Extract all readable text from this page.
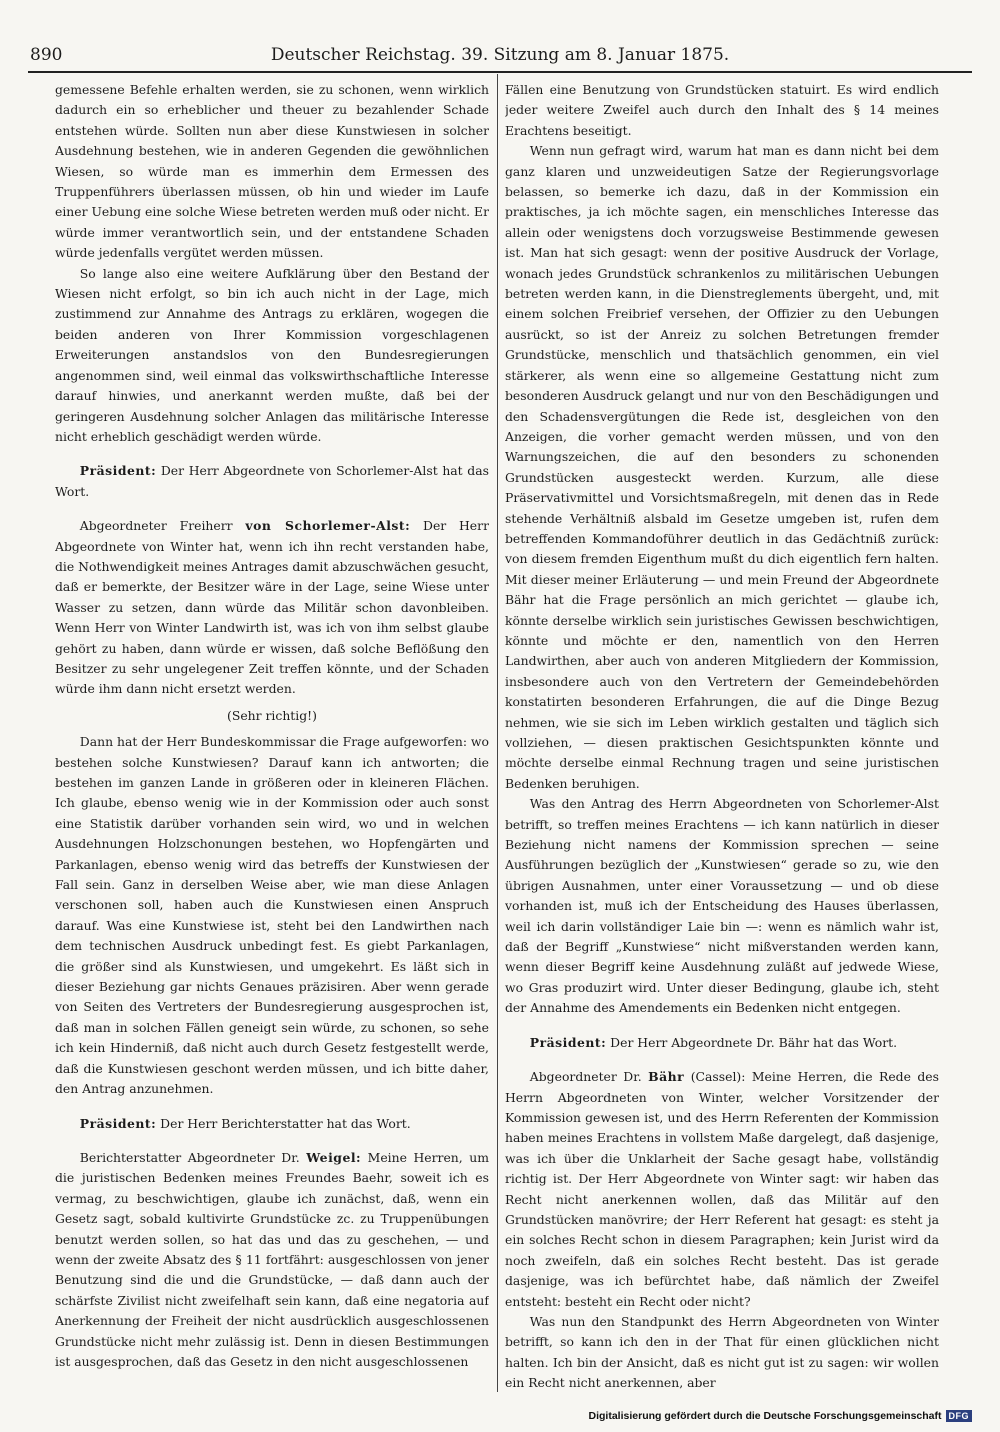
890	Deutscher Reichstag. 39. Sitzung am 8. Januar 1875.

gemessene Befehle erhalten werden, sie zu schonen, wenn wirklich dadurch ein so erheblicher und theuer zu bezahlender Schade entstehen würde. Sollten nun aber diese Kunstwiesen in solcher Ausdehnung bestehen, wie in anderen Gegenden die gewöhnlichen Wiesen, so würde man es immerhin dem Ermessen des Truppenführers überlassen müssen, ob hin und wieder im Laufe einer Uebung eine solche Wiese betreten werden muß oder nicht. Er würde immer verantwortlich sein, und der entstandene Schaden würde jedenfalls vergütet werden müssen.

So lange also eine weitere Aufklärung über den Bestand der Wiesen nicht erfolgt, so bin ich auch nicht in der Lage, mich zustimmend zur Annahme des Antrags zu erklären, wogegen die beiden anderen von Ihrer Kommission vorgeschlagenen Erweiterungen anstandslos von den Bundesregierungen angenommen sind, weil einmal das volkswirthschaftliche Interesse darauf hinwies, und anerkannt werden mußte, daß bei der geringeren Ausdehnung solcher Anlagen das militärische Interesse nicht erheblich geschädigt werden würde.

Präsident: Der Herr Abgeordnete von Schorlemer-Alst hat das Wort.

Abgeordneter Freiherr von Schorlemer-Alst: Der Herr Abgeordnete von Winter hat, wenn ich ihn recht verstanden habe, die Nothwendigkeit meines Antrages damit abzuschwächen gesucht, daß er bemerkte, der Besitzer wäre in der Lage, seine Wiese unter Wasser zu setzen, dann würde das Militär schon davonbleiben. Wenn Herr von Winter Landwirth ist, was ich von ihm selbst glaube gehört zu haben, dann würde er wissen, daß solche Beflößung den Besitzer zu sehr ungelegener Zeit treffen könnte, und der Schaden würde ihm dann nicht ersetzt werden.

(Sehr richtig!)

Dann hat der Herr Bundeskommissar die Frage aufgeworfen: wo bestehen solche Kunstwiesen? Darauf kann ich antworten; die bestehen im ganzen Lande in größeren oder in kleineren Flächen. Ich glaube, ebenso wenig wie in der Kommission oder auch sonst eine Statistik darüber vorhanden sein wird, wo und in welchen Ausdehnungen Holzschonungen bestehen, wo Hopfengärten und Parkanlagen, ebenso wenig wird das betreffs der Kunstwiesen der Fall sein. Ganz in derselben Weise aber, wie man diese Anlagen verschonen soll, haben auch die Kunstwiesen einen Anspruch darauf. Was eine Kunstwiese ist, steht bei den Landwirthen nach dem technischen Ausdruck unbedingt fest. Es giebt Parkanlagen, die größer sind als Kunstwiesen, und umgekehrt. Es läßt sich in dieser Beziehung gar nichts Genaues präzisiren. Aber wenn gerade von Seiten des Vertreters der Bundesregierung ausgesprochen ist, daß man in solchen Fällen geneigt sein würde, zu schonen, so sehe ich kein Hinderniß, daß nicht auch durch Gesetz festgestellt werde, daß die Kunstwiesen geschont werden müssen, und ich bitte daher, den Antrag anzunehmen.

Präsident: Der Herr Berichterstatter hat das Wort.

Berichterstatter Abgeordneter Dr. Weigel: Meine Herren, um die juristischen Bedenken meines Freundes Baehr, soweit ich es vermag, zu beschwichtigen, glaube ich zunächst, daß, wenn ein Gesetz sagt, sobald kultivirte Grundstücke zc. zu Truppenübungen benutzt werden sollen, so hat das und das zu geschehen, — und wenn der zweite Absatz des § 11 fortfährt: ausgeschlossen von jener Benutzung sind die und die Grundstücke, — daß dann auch der schärfste Zivilist nicht zweifelhaft sein kann, daß eine negatoria auf Anerkennung der Freiheit der nicht ausdrücklich ausgeschlossenen Grundstücke nicht mehr zulässig ist. Denn in diesen Bestimmungen ist ausgesprochen, daß das Gesetz in den nicht ausgeschlossenen

Fällen eine Benutzung von Grundstücken statuirt. Es wird endlich jeder weitere Zweifel auch durch den Inhalt des § 14 meines Erachtens beseitigt.

Wenn nun gefragt wird, warum hat man es dann nicht bei dem ganz klaren und unzweideutigen Satze der Regierungsvorlage belassen, so bemerke ich dazu, daß in der Kommission ein praktisches, ja ich möchte sagen, ein menschliches Interesse das allein oder wenigstens doch vorzugsweise Bestimmende gewesen ist. Man hat sich gesagt: wenn der positive Ausdruck der Vorlage, wonach jedes Grundstück schrankenlos zu militärischen Uebungen betreten werden kann, in die Dienstreglements übergeht, und, mit einem solchen Freibrief versehen, der Offizier zu den Uebungen ausrückt, so ist der Anreiz zu solchen Betretungen fremder Grundstücke, menschlich und thatsächlich genommen, ein viel stärkerer, als wenn eine so allgemeine Gestattung nicht zum besonderen Ausdruck gelangt und nur von den Beschädigungen und den Schadensvergütungen die Rede ist, desgleichen von den Anzeigen, die vorher gemacht werden müssen, und von den Warnungszeichen, die auf den besonders zu schonenden Grundstücken ausgesteckt werden. Kurzum, alle diese Präservativmittel und Vorsichtsmaßregeln, mit denen das in Rede stehende Verhältniß alsbald im Gesetze umgeben ist, rufen dem betreffenden Kommandoführer deutlich in das Gedächtniß zurück: von diesem fremden Eigenthum mußt du dich eigentlich fern halten. Mit dieser meiner Erläuterung — und mein Freund der Abgeordnete Bähr hat die Frage persönlich an mich gerichtet — glaube ich, könnte derselbe wirklich sein juristisches Gewissen beschwichtigen, könnte und möchte er den, namentlich von den Herren Landwirthen, aber auch von anderen Mitgliedern der Kommission, insbesondere auch von den Vertretern der Gemeindebehörden konstatirten besonderen Erfahrungen, die auf die Dinge Bezug nehmen, wie sie sich im Leben wirklich gestalten und täglich sich vollziehen, — diesen praktischen Gesichtspunkten könnte und möchte derselbe einmal Rechnung tragen und seine juristischen Bedenken beruhigen.

Was den Antrag des Herrn Abgeordneten von Schorlemer-Alst betrifft, so treffen meines Erachtens — ich kann natürlich in dieser Beziehung nicht namens der Kommission sprechen — seine Ausführungen bezüglich der „Kunstwiesen“ gerade so zu, wie den übrigen Ausnahmen, unter einer Voraussetzung — und ob diese vorhanden ist, muß ich der Entscheidung des Hauses überlassen, weil ich darin vollständiger Laie bin —: wenn es nämlich wahr ist, daß der Begriff „Kunstwiese“ nicht mißverstanden werden kann, wenn dieser Begriff keine Ausdehnung zuläßt auf jedwede Wiese, wo Gras produzirt wird. Unter dieser Bedingung, glaube ich, steht der Annahme des Amendements ein Bedenken nicht entgegen.

Präsident: Der Herr Abgeordnete Dr. Bähr hat das Wort.

Abgeordneter Dr. Bähr (Cassel): Meine Herren, die Rede des Herrn Abgeordneten von Winter, welcher Vorsitzender der Kommission gewesen ist, und des Herrn Referenten der Kommission haben meines Erachtens in vollstem Maße dargelegt, daß dasjenige, was ich über die Unklarheit der Sache gesagt habe, vollständig richtig ist. Der Herr Abgeordnete von Winter sagt: wir haben das Recht nicht anerkennen wollen, daß das Militär auf den Grundstücken manövrire; der Herr Referent hat gesagt: es steht ja ein solches Recht schon in diesem Paragraphen; kein Jurist wird da noch zweifeln, daß ein solches Recht besteht. Das ist gerade dasjenige, was ich befürchtet habe, daß nämlich der Zweifel entsteht: besteht ein Recht oder nicht?

Was nun den Standpunkt des Herrn Abgeordneten von Winter betrifft, so kann ich den in der That für einen glücklichen nicht halten. Ich bin der Ansicht, daß es nicht gut ist zu sagen: wir wollen ein Recht nicht anerkennen, aber

Digitalisierung gefördert durch die Deutsche Forschungsgemeinschaft DFG
